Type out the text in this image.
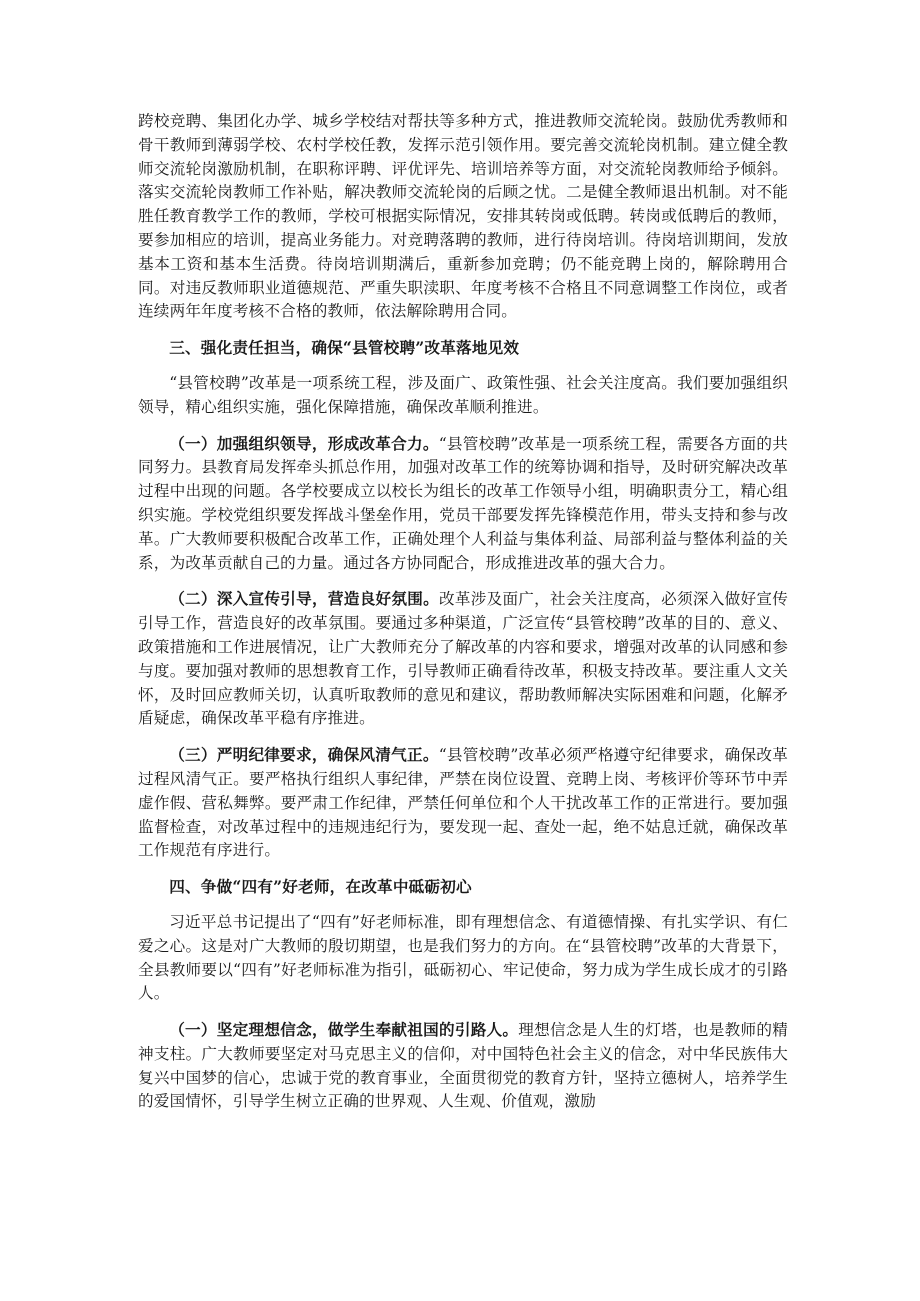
跨校竞聘、集团化办学、城乡学校结对帮扶等多种方式，推进教师交流轮岗。鼓励优秀教师和骨干教师到薄弱学校、农村学校任教，发挥示范引领作用。要完善交流轮岗机制。建立健全教师交流轮岗激励机制，在职称评聘、评优评先、培训培养等方面，对交流轮岗教师给予倾斜。落实交流轮岗教师工作补贴，解决教师交流轮岗的后顾之忧。二是健全教师退出机制。对不能胜任教育教学工作的教师，学校可根据实际情况，安排其转岗或低聘。转岗或低聘后的教师，要参加相应的培训，提高业务能力。对竞聘落聘的教师，进行待岗培训。待岗培训期间，发放基本工资和基本生活费。待岗培训期满后，重新参加竞聘；仍不能竞聘上岗的，解除聘用合同。对违反教师职业道德规范、严重失职渎职、年度考核不合格且不同意调整工作岗位，或者连续两年年度考核不合格的教师，依法解除聘用合同。

三、强化责任担当，确保“县管校聘”改革落地见效

“县管校聘”改革是一项系统工程，涉及面广、政策性强、社会关注度高。我们要加强组织领导，精心组织实施，强化保障措施，确保改革顺利推进。

（一）加强组织领导，形成改革合力。“县管校聘”改革是一项系统工程，需要各方面的共同努力。县教育局发挥牵头抓总作用，加强对改革工作的统筹协调和指导，及时研究解决改革过程中出现的问题。各学校要成立以校长为组长的改革工作领导小组，明确职责分工，精心组织实施。学校党组织要发挥战斗堡垒作用，党员干部要发挥先锋模范作用，带头支持和参与改革。广大教师要积极配合改革工作，正确处理个人利益与集体利益、局部利益与整体利益的关系，为改革贡献自己的力量。通过各方协同配合，形成推进改革的强大合力。

（二）深入宣传引导，营造良好氛围。改革涉及面广，社会关注度高，必须深入做好宣传引导工作，营造良好的改革氛围。要通过多种渠道，广泛宣传“县管校聘”改革的目的、意义、政策措施和工作进展情况，让广大教师充分了解改革的内容和要求，增强对改革的认同感和参与度。要加强对教师的思想教育工作，引导教师正确看待改革，积极支持改革。要注重人文关怀，及时回应教师关切，认真听取教师的意见和建议，帮助教师解决实际困难和问题，化解矛盾疑虑，确保改革平稳有序推进。

（三）严明纪律要求，确保风清气正。“县管校聘”改革必须严格遵守纪律要求，确保改革过程风清气正。要严格执行组织人事纪律，严禁在岗位设置、竞聘上岗、考核评价等环节中弄虚作假、营私舞弊。要严肃工作纪律，严禁任何单位和个人干扰改革工作的正常进行。要加强监督检查，对改革过程中的违规违纪行为，要发现一起、查处一起，绝不姑息迁就，确保改革工作规范有序进行。

四、争做“四有”好老师，在改革中砥砺初心

习近平总书记提出了“四有”好老师标准，即有理想信念、有道德情操、有扎实学识、有仁爱之心。这是对广大教师的殷切期望，也是我们努力的方向。在“县管校聘”改革的大背景下，全县教师要以“四有”好老师标准为指引，砥砺初心、牢记使命，努力成为学生成长成才的引路人。

（一）坚定理想信念，做学生奉献祖国的引路人。理想信念是人生的灯塔，也是教师的精神支柱。广大教师要坚定对马克思主义的信仰，对中国特色社会主义的信念，对中华民族伟大复兴中国梦的信心，忠诚于党的教育事业，全面贯彻党的教育方针，坚持立德树人，培养学生的爱国情怀，引导学生树立正确的世界观、人生观、价值观，激励
